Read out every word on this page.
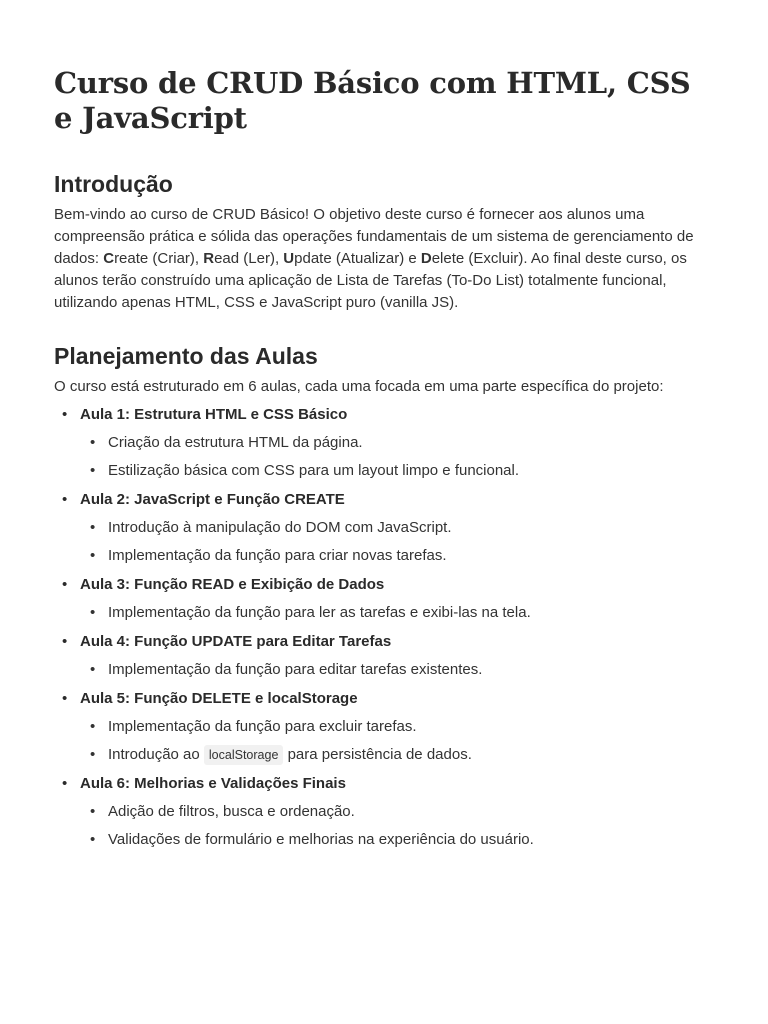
Curso de CRUD Básico com HTML, CSS e JavaScript
Introdução

Bem-vindo ao curso de CRUD Básico! O objetivo deste curso é fornecer aos alunos uma compreensão prática e sólida das operações fundamentais de um sistema de gerenciamento de dados: Create (Criar), Read (Ler), Update (Atualizar) e Delete (Excluir). Ao final deste curso, os alunos terão construído uma aplicação de Lista de Tarefas (To-Do List) totalmente funcional, utilizando apenas HTML, CSS e JavaScript puro (vanilla JS).

Planejamento das Aulas

O curso está estruturado em 6 aulas, cada uma focada em uma parte específica do projeto:

• Aula 1: Estrutura HTML e CSS Básico
• Criação da estrutura HTML da página.
• Estilização básica com CSS para um layout limpo e funcional.
• Aula 2: JavaScript e Função CREATE
• Introdução à manipulação do DOM com JavaScript.
• Implementação da função para criar novas tarefas.
• Aula 3: Função READ e Exibição de Dados
• Implementação da função para ler as tarefas e exibi-las na tela.
• Aula 4: Função UPDATE para Editar Tarefas
• Implementação da função para editar tarefas existentes.
• Aula 5: Função DELETE e localStorage
• Implementação da função para excluir tarefas.
• Introdução ao localStorage para persistência de dados.
• Aula 6: Melhorias e Validações Finais
• Adição de filtros, busca e ordenação.
• Validações de formulário e melhorias na experiência do usuário.
